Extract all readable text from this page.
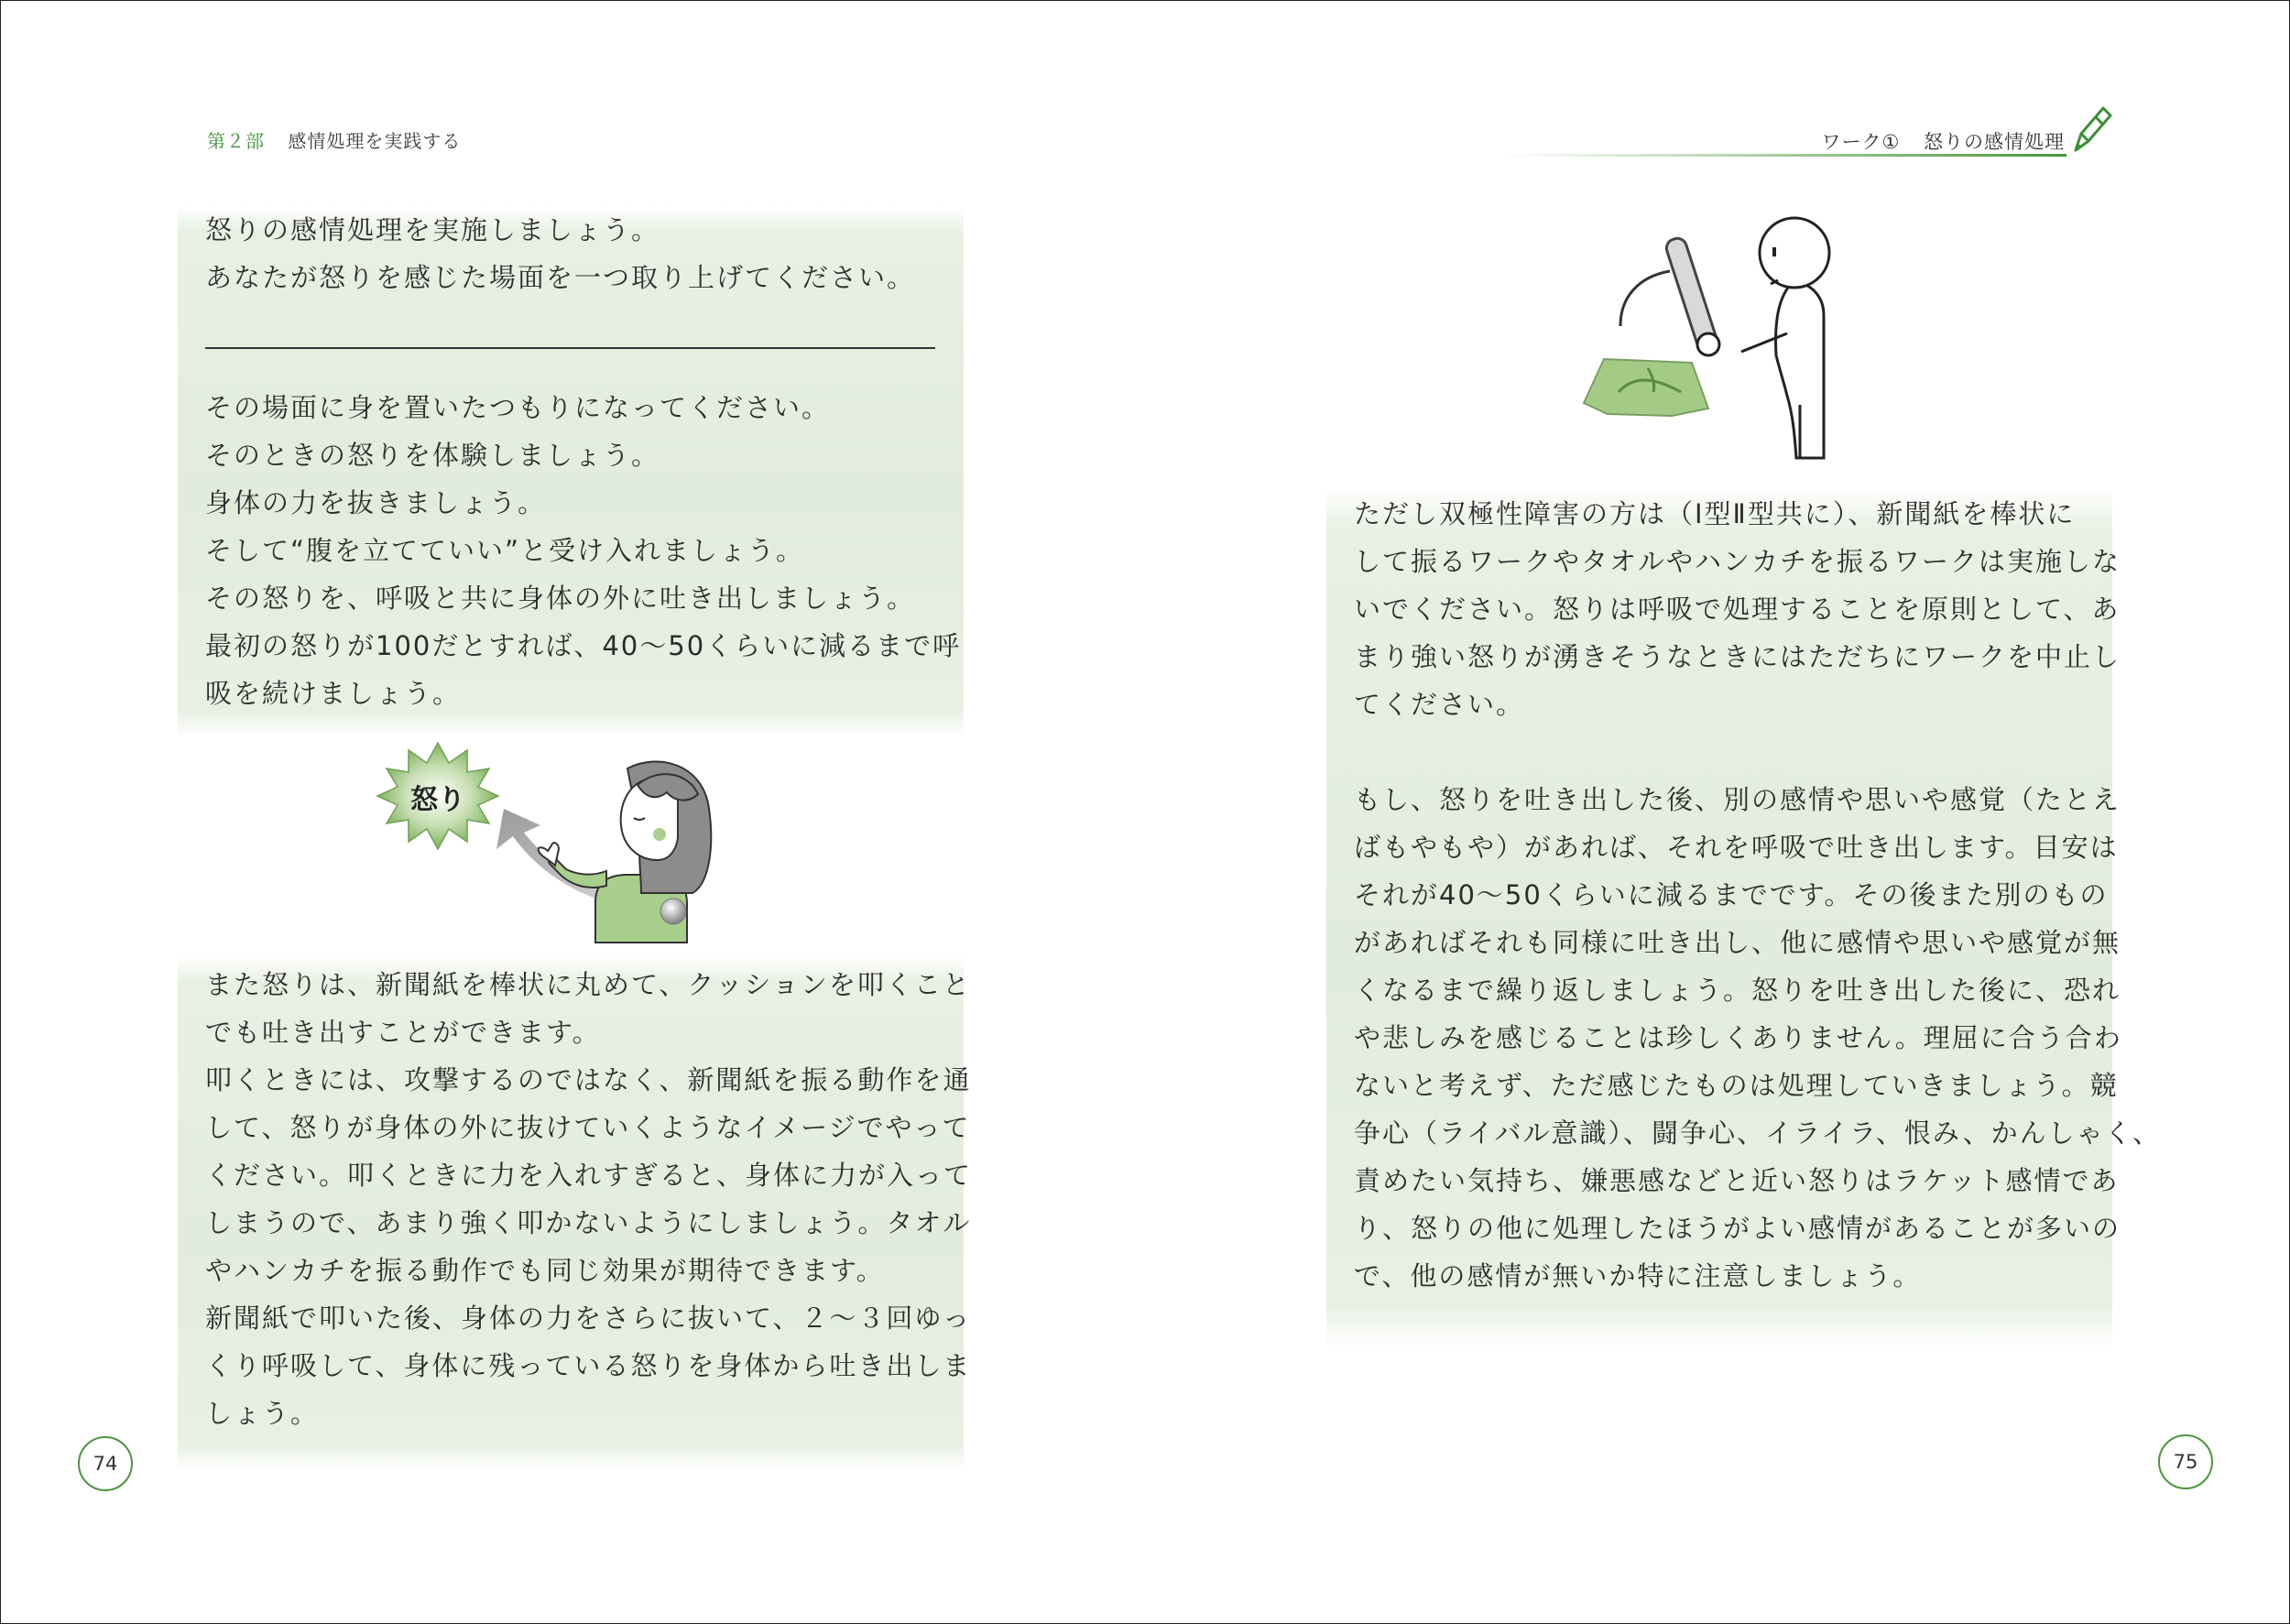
第２部 感情処理を実践する

怒りの感情処理を実施しましょう。

あなたが怒りを感じた場面を一つ取り上げてください。

その場面に身を置いたつもりになってください。

そのときの怒りを体験しましょう。

身体の力を抜きましょう。

そして“腹を立てていい”と受け入れましょう。

その怒りを、呼吸と共に身体の外に吐き出しましょう。

最初の怒りが100だとすれば、40～50くらいに減るまで呼

吸を続けましょう。

怒り

また怒りは、新聞紙を棒状に丸めて、クッションを叩くこと

でも吐き出すことができます。

叩くときには、攻撃するのではなく、新聞紙を振る動作を通

して、怒りが身体の外に抜けていくようなイメージでやって

ください。叩くときに力を入れすぎると、身体に力が入って

しまうので、あまり強く叩かないようにしましょう。タオル

やハンカチを振る動作でも同じ効果が期待できます。

新聞紙で叩いた後、身体の力をさらに抜いて、２～３回ゆっ

くり呼吸して、身体に残っている怒りを身体から吐き出しま

しょう。

74
ワーク① 怒りの感情処理

ただし双極性障害の方は（Ⅰ型Ⅱ型共に）、新聞紙を棒状に

して振るワークやタオルやハンカチを振るワークは実施しな

いでください。怒りは呼吸で処理することを原則として、あ

まり強い怒りが湧きそうなときにはただちにワークを中止し

てください。

もし、怒りを吐き出した後、別の感情や思いや感覚（たとえ

ばもやもや）があれば、それを呼吸で吐き出します。目安は

それが40～50くらいに減るまでです。その後また別のもの

があればそれも同様に吐き出し、他に感情や思いや感覚が無

くなるまで繰り返しましょう。怒りを吐き出した後に、恐れ

や悲しみを感じることは珍しくありません。理屈に合う合わ

ないと考えず、ただ感じたものは処理していきましょう。競

争心（ライバル意識）、闘争心、イライラ、恨み、かんしゃく、

責めたい気持ち、嫌悪感などと近い怒りはラケット感情であ

り、怒りの他に処理したほうがよい感情があることが多いの

で、他の感情が無いか特に注意しましょう。

75
